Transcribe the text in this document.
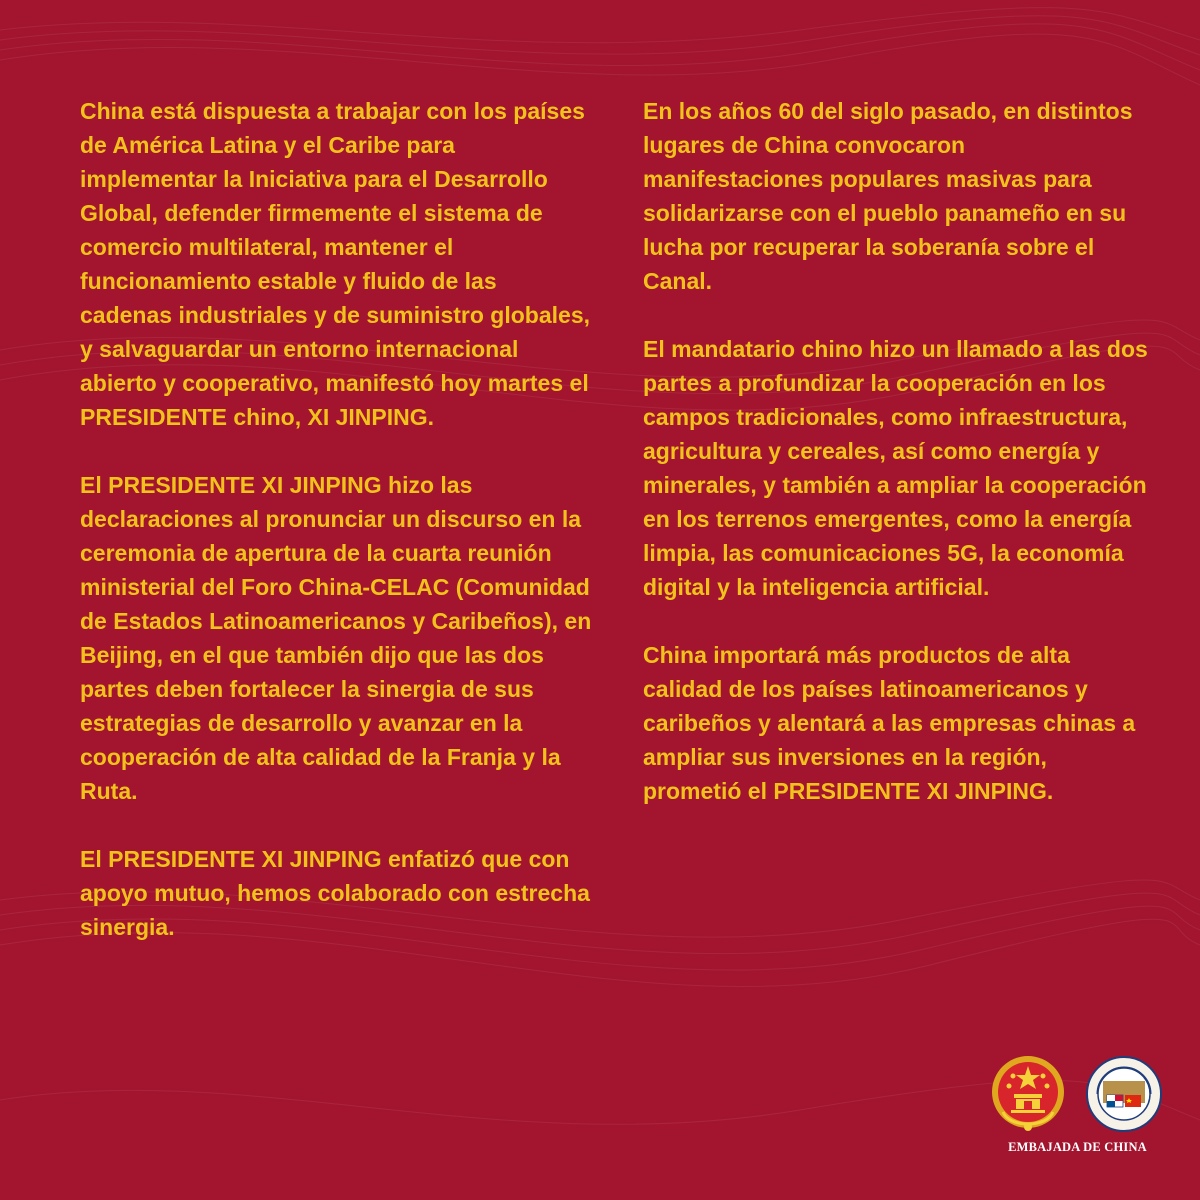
China está dispuesta a trabajar con los países de América Latina y el Caribe para implementar la Iniciativa para el Desarrollo Global, defender firmemente el sistema de comercio multilateral, mantener el funcionamiento estable y fluido de las cadenas industriales y de suministro globales, y salvaguardar un entorno internacional abierto y cooperativo, manifestó hoy martes el PRESIDENTE chino, XI JINPING.

El PRESIDENTE XI JINPING hizo las declaraciones al pronunciar un discurso en la ceremonia de apertura de la cuarta reunión ministerial del Foro China-CELAC (Comunidad de Estados Latinoamericanos y Caribeños), en Beijing, en el que también dijo que las dos partes deben fortalecer la sinergia de sus estrategias de desarrollo y avanzar en la cooperación de alta calidad de la Franja y la Ruta.

El PRESIDENTE XI JINPING enfatizó que con apoyo mutuo, hemos colaborado con estrecha sinergia.

En los años 60 del siglo pasado, en distintos lugares de China convocaron manifestaciones populares masivas para solidarizarse con el pueblo panameño en su lucha por recuperar la soberanía sobre el Canal.

El mandatario chino hizo un llamado a las dos partes a profundizar la cooperación en los campos tradicionales, como infraestructura, agricultura y cereales, así como energía y minerales, y también a ampliar la cooperación en los terrenos emergentes, como la energía limpia, las comunicaciones 5G, la economía digital y la inteligencia artificial.

China importará más productos de alta calidad de los países latinoamericanos y caribeños y alentará a las empresas chinas a ampliar sus inversiones en la región, prometió el PRESIDENTE XI JINPING.

EMBAJADA DE CHINA
